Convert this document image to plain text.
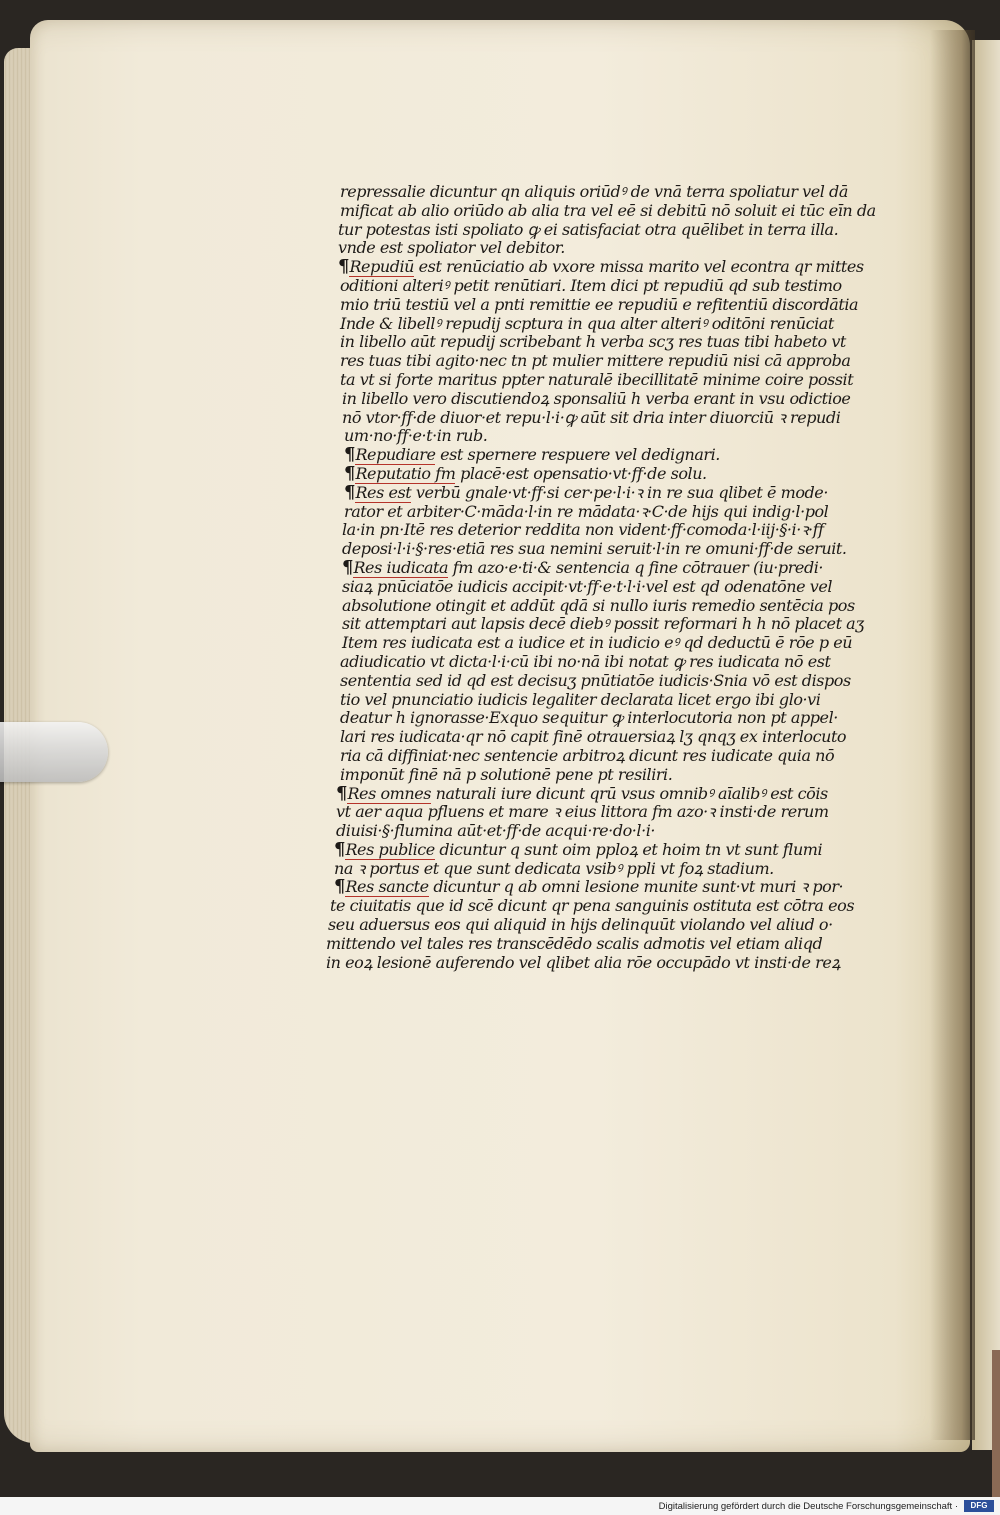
repressalie dicuntur qn aliquis oriūdꝰ de vnā terra spoliatur vel dā
mificat ab alio oriūdo ab alia tra vel eē si debitū nō soluit ei tūc eīn da
tur potestas isti spoliato ꝙ ei satisfaciat otra quēlibet in terra illa.
vnde est spoliator vel debitor.
¶Repudiū est renūciatio ab vxore missa marito vel econtra qr mittes
oditioni alteriꝰ petit renūtiari. Item dici pt repudiū qd sub testimo
mio triū testiū vel a pnti remittie ee repudiū e refitentiū discordātia
Inde & libellꝰ repudij scptura in qua alter alteriꝰ oditōni renūciat
in libello aūt repudij scribebant h verba scʒ res tuas tibi habeto vt
res tuas tibi agito·nec tn pt mulier mittere repudiū nisi cā approba
ta vt si forte maritus ppter naturalē ibecillitatē minime coire possit
in libello vero discutiendoꝝ sponsaliū h verba erant in vsu odictioe
nō vtor·ff·de diuor·et repu·l·i·ꝙ aūt sit dria inter diuorciū ꝛ repudi
um·no·ff·e·t·in rub.
¶Repudiare est spernere respuere vel dedignari.
¶Reputatio fm placē·est opensatio·vt·ff·de solu.
¶Res est verbū gnale·vt·ff·si cer·pe·l·i·ꝛ in re sua qlibet ē mode·
rator et arbiter·C·māda·l·in re mādata·ꝛ·C·de hijs qui indig·l·pol
la·in pn·Itē res deterior reddita non vident·ff·comoda·l·iij·§·i·ꝛ·ff
deposi·l·i·§·res·etiā res sua nemini seruit·l·in re omuni·ff·de seruit.
¶Res iudicata fm azo·e·ti·& sentencia q fine cōtrauer (iu·predi·
siaꝝ pnūciatōe iudicis accipit·vt·ff·e·t·l·i·vel est qd odenatōne vel
absolutione otingit et addūt qdā si nullo iuris remedio sentēcia pos
sit attemptari aut lapsis decē diebꝰ possit reformari h h nō placet aʒ
Item res iudicata est a iudice et in iudicio eꝰ qd deductū ē rōe p eū
adiudicatio vt dicta·l·i·cū ibi no·nā ibi notat ꝙ res iudicata nō est
sententia sed id qd est decisuʒ pnūtiatōe iudicis·Snia vō est dispos
tio vel pnunciatio iudicis legaliter declarata licet ergo ibi glo·vi
deatur h ignorasse·Exquo sequitur ꝙ interlocutoria non pt appel·
lari res iudicata·qr nō capit finē otrauersiaꝝ lʒ qnqʒ ex interlocuto
ria cā diffiniat·nec sentencie arbitroꝝ dicunt res iudicate quia nō
imponūt finē nā p solutionē pene pt resiliri.
¶Res omnes naturali iure dicunt qrū vsus omnibꝰ aīalibꝰ est cōis
vt aer aqua pfluens et mare ꝛ eius littora fm azo·ꝛ insti·de rerum
diuisi·§·flumina aūt·et·ff·de acqui·re·do·l·i·
¶Res publice dicuntur q sunt oim pploꝝ et hoim tn vt sunt flumi
na ꝛ portus et que sunt dedicata vsibꝰ ppli vt foꝝ stadium.
¶Res sancte dicuntur q ab omni lesione munite sunt·vt muri ꝛ por·
te ciuitatis que id scē dicunt qr pena sanguinis ostituta est cōtra eos
seu aduersus eos qui aliquid in hijs delinquūt violando vel aliud o·
mittendo vel tales res transcēdēdo scalis admotis vel etiam aliqd
in eoꝝ lesionē auferendo vel qlibet alia rōe occupādo vt insti·de reꝝ
Digitalisierung gefördert durch die Deutsche Forschungsgemeinschaft ·	DFG
